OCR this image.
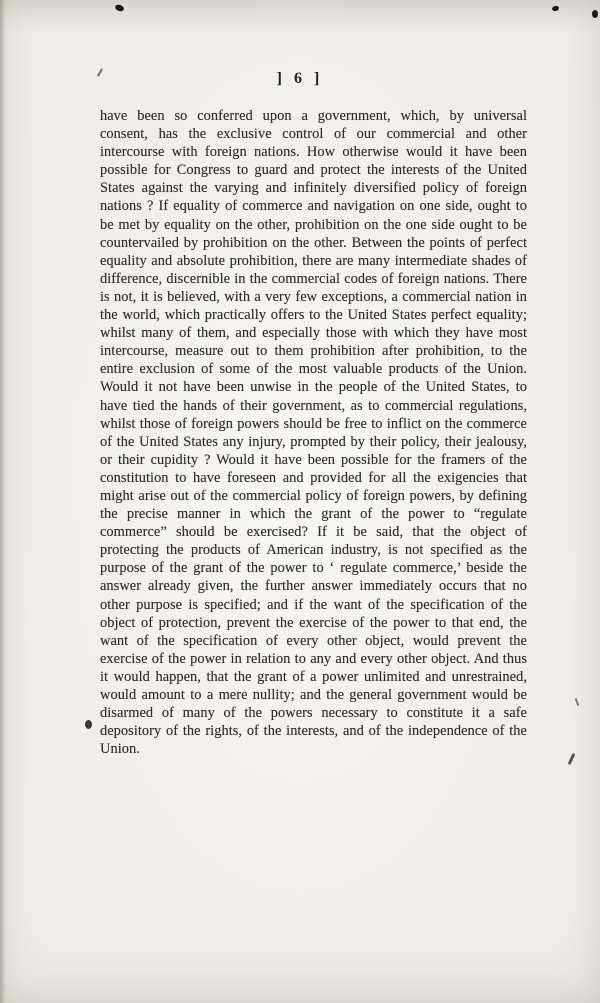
] 6 ]
have been so conferred upon a government, which, by universal consent, has the exclusive control of our commercial and other intercourse with foreign nations. How otherwise would it have been possible for Congress to guard and protect the interests of the United States against the varying and infinitely diversified policy of foreign nations ? If equality of commerce and navigation on one side, ought to be met by equality on the other, prohibition on the one side ought to be countervailed by prohibition on the other. Between the points of perfect equality and absolute prohibition, there are many intermediate shades of difference, discernible in the commercial codes of foreign nations. There is not, it is believed, with a very few exceptions, a commercial nation in the world, which practically offers to the United States perfect equality; whilst many of them, and especially those with which they have most intercourse, measure out to them prohibition after prohibition, to the entire exclusion of some of the most valuable products of the Union. Would it not have been unwise in the people of the United States, to have tied the hands of their government, as to commercial regulations, whilst those of foreign powers should be free to inflict on the commerce of the United States any injury, prompted by their policy, their jealousy, or their cupidity ? Would it have been possible for the framers of the constitution to have foreseen and provided for all the exigencies that might arise out of the commercial policy of foreign powers, by defining the precise manner in which the grant of the power to “regulate commerce” should be exercised? If it be said, that the object of protecting the products of American industry, is not specified as the purpose of the grant of the power to ‘ regulate commerce,’ beside the answer already given, the further answer immediately occurs that no other purpose is specified; and if the want of the specification of the object of protection, prevent the exercise of the power to that end, the want of the specification of every other object, would prevent the exercise of the power in relation to any and every other object. And thus it would happen, that the grant of a power unlimited and unrestrained, would amount to a mere nullity; and the general government would be disarmed of many of the powers necessary to constitute it a safe depository of the rights, of the interests, and of the independence of the Union.
